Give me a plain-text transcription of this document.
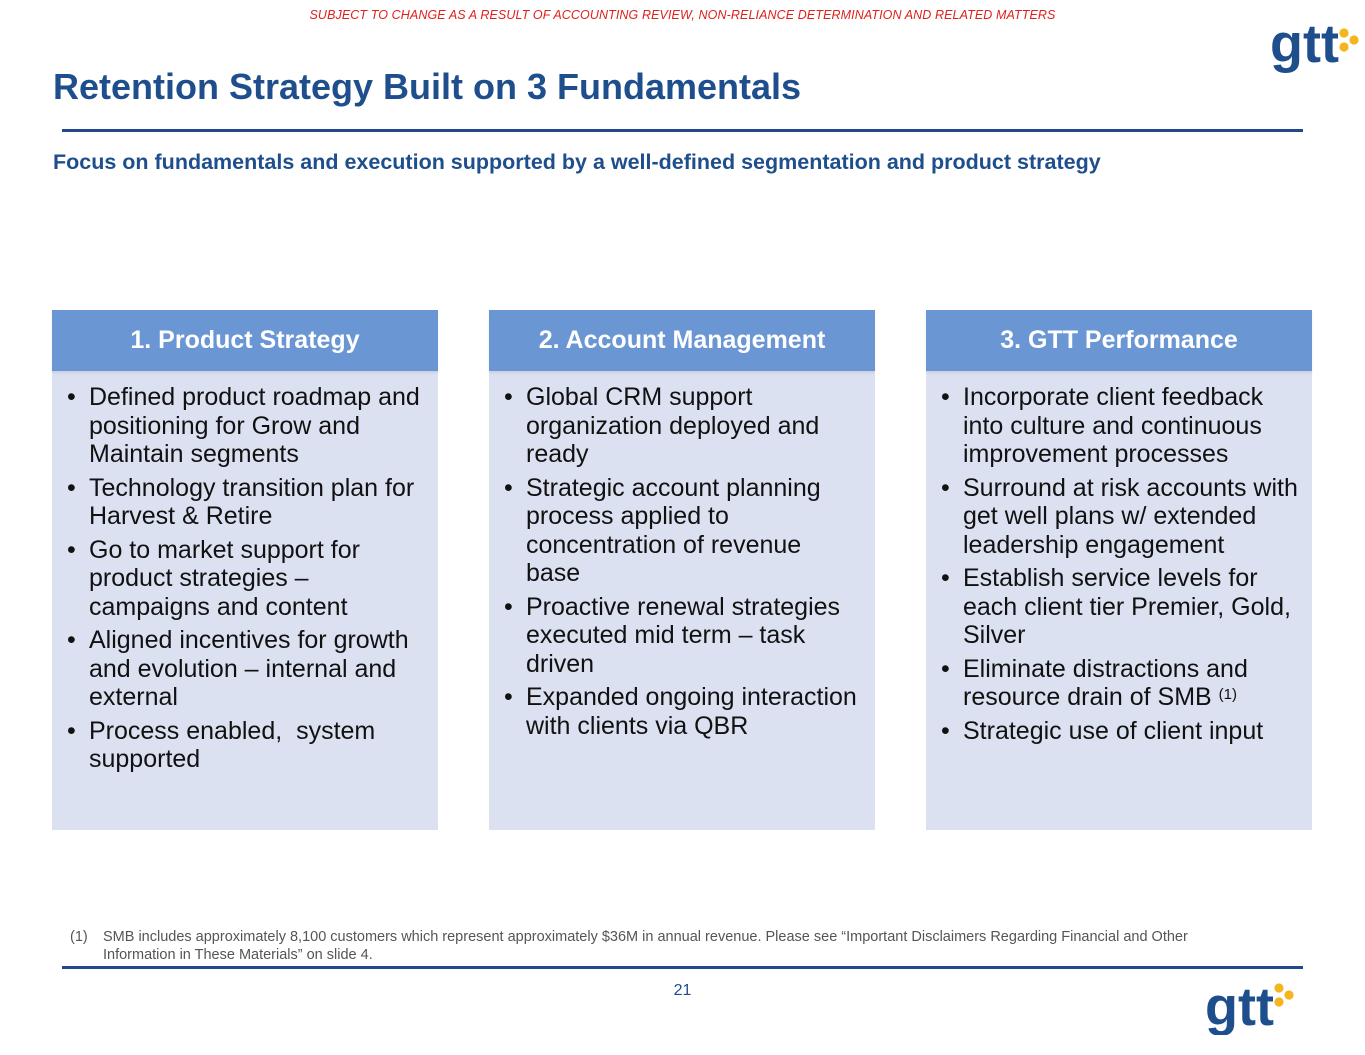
SUBJECT TO CHANGE AS A RESULT OF ACCOUNTING REVIEW, NON-RELIANCE DETERMINATION AND RELATED MATTERS	gtt
Retention Strategy Built on 3 Fundamentals
Focus on fundamentals and execution supported by a well-defined segmentation and product strategy
1. Product Strategy
• Defined product roadmap and positioning for Grow and Maintain segments
• Technology transition plan for Harvest & Retire
• Go to market support for product strategies – campaigns and content
• Aligned incentives for growth and evolution – internal and external
• Process enabled,  system supported
2. Account Management
• Global CRM support organization deployed and ready
• Strategic account planning process applied to concentration of revenue base
• Proactive renewal strategies executed mid term – task driven
• Expanded ongoing interaction with clients via QBR
3. GTT Performance
• Incorporate client feedback into culture and continuous improvement processes
• Surround at risk accounts with get well plans w/ extended leadership engagement
• Establish service levels for each client tier Premier, Gold, Silver
• Eliminate distractions and resource drain of SMB $^{(1)}$
• Strategic use of client input
(1)	SMB includes approximately 8,100 customers which represent approximately $36M in annual revenue. Please see “Important Disclaimers Regarding Financial and Other Information in These Materials” on slide 4.
21	gtt
